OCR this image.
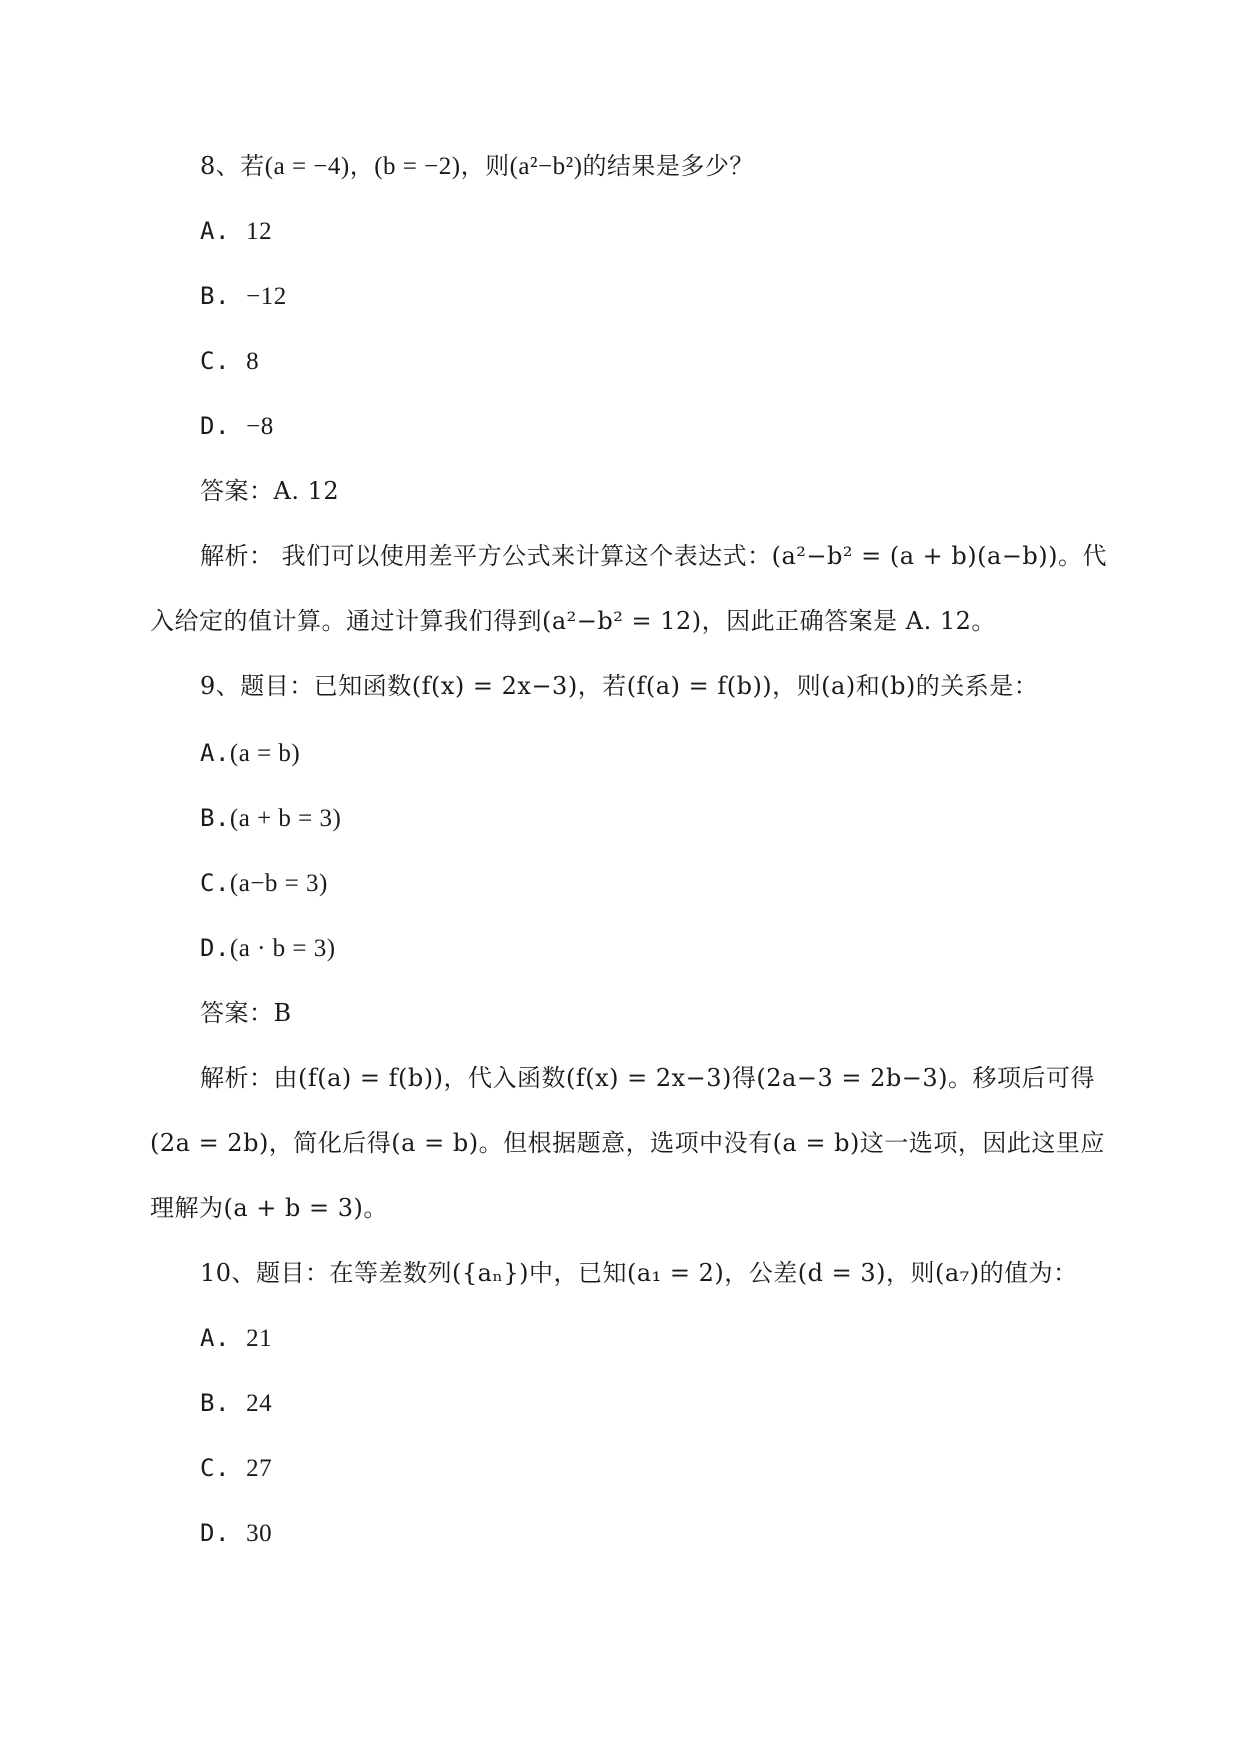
8、若(a = −4)，(b = −2)，则(a²−b²)的结果是多少？
A. 12
B. −12
C. 8
D. −8
答案：A. 12
解析： 我们可以使用差平方公式来计算这个表达式：(a²−b² = (a + b)(a−b))。代
入给定的值计算。通过计算我们得到(a²−b² = 12)，因此正确答案是 A. 12。
9、题目：已知函数(f(x) = 2x−3)，若(f(a) = f(b))，则(a)和(b)的关系是：
A.(a = b)
B.(a + b = 3)
C.(a−b = 3)
D.(a · b = 3)
答案：B
解析：由(f(a) = f(b))，代入函数(f(x) = 2x−3)得(2a−3 = 2b−3)。移项后可得
(2a = 2b)，简化后得(a = b)。但根据题意，选项中没有(a = b)这一选项，因此这里应
理解为(a + b = 3)。
10、题目：在等差数列({aₙ})中，已知(a₁ = 2)，公差(d = 3)，则(a₇)的值为：
A. 21
B. 24
C. 27
D. 30
